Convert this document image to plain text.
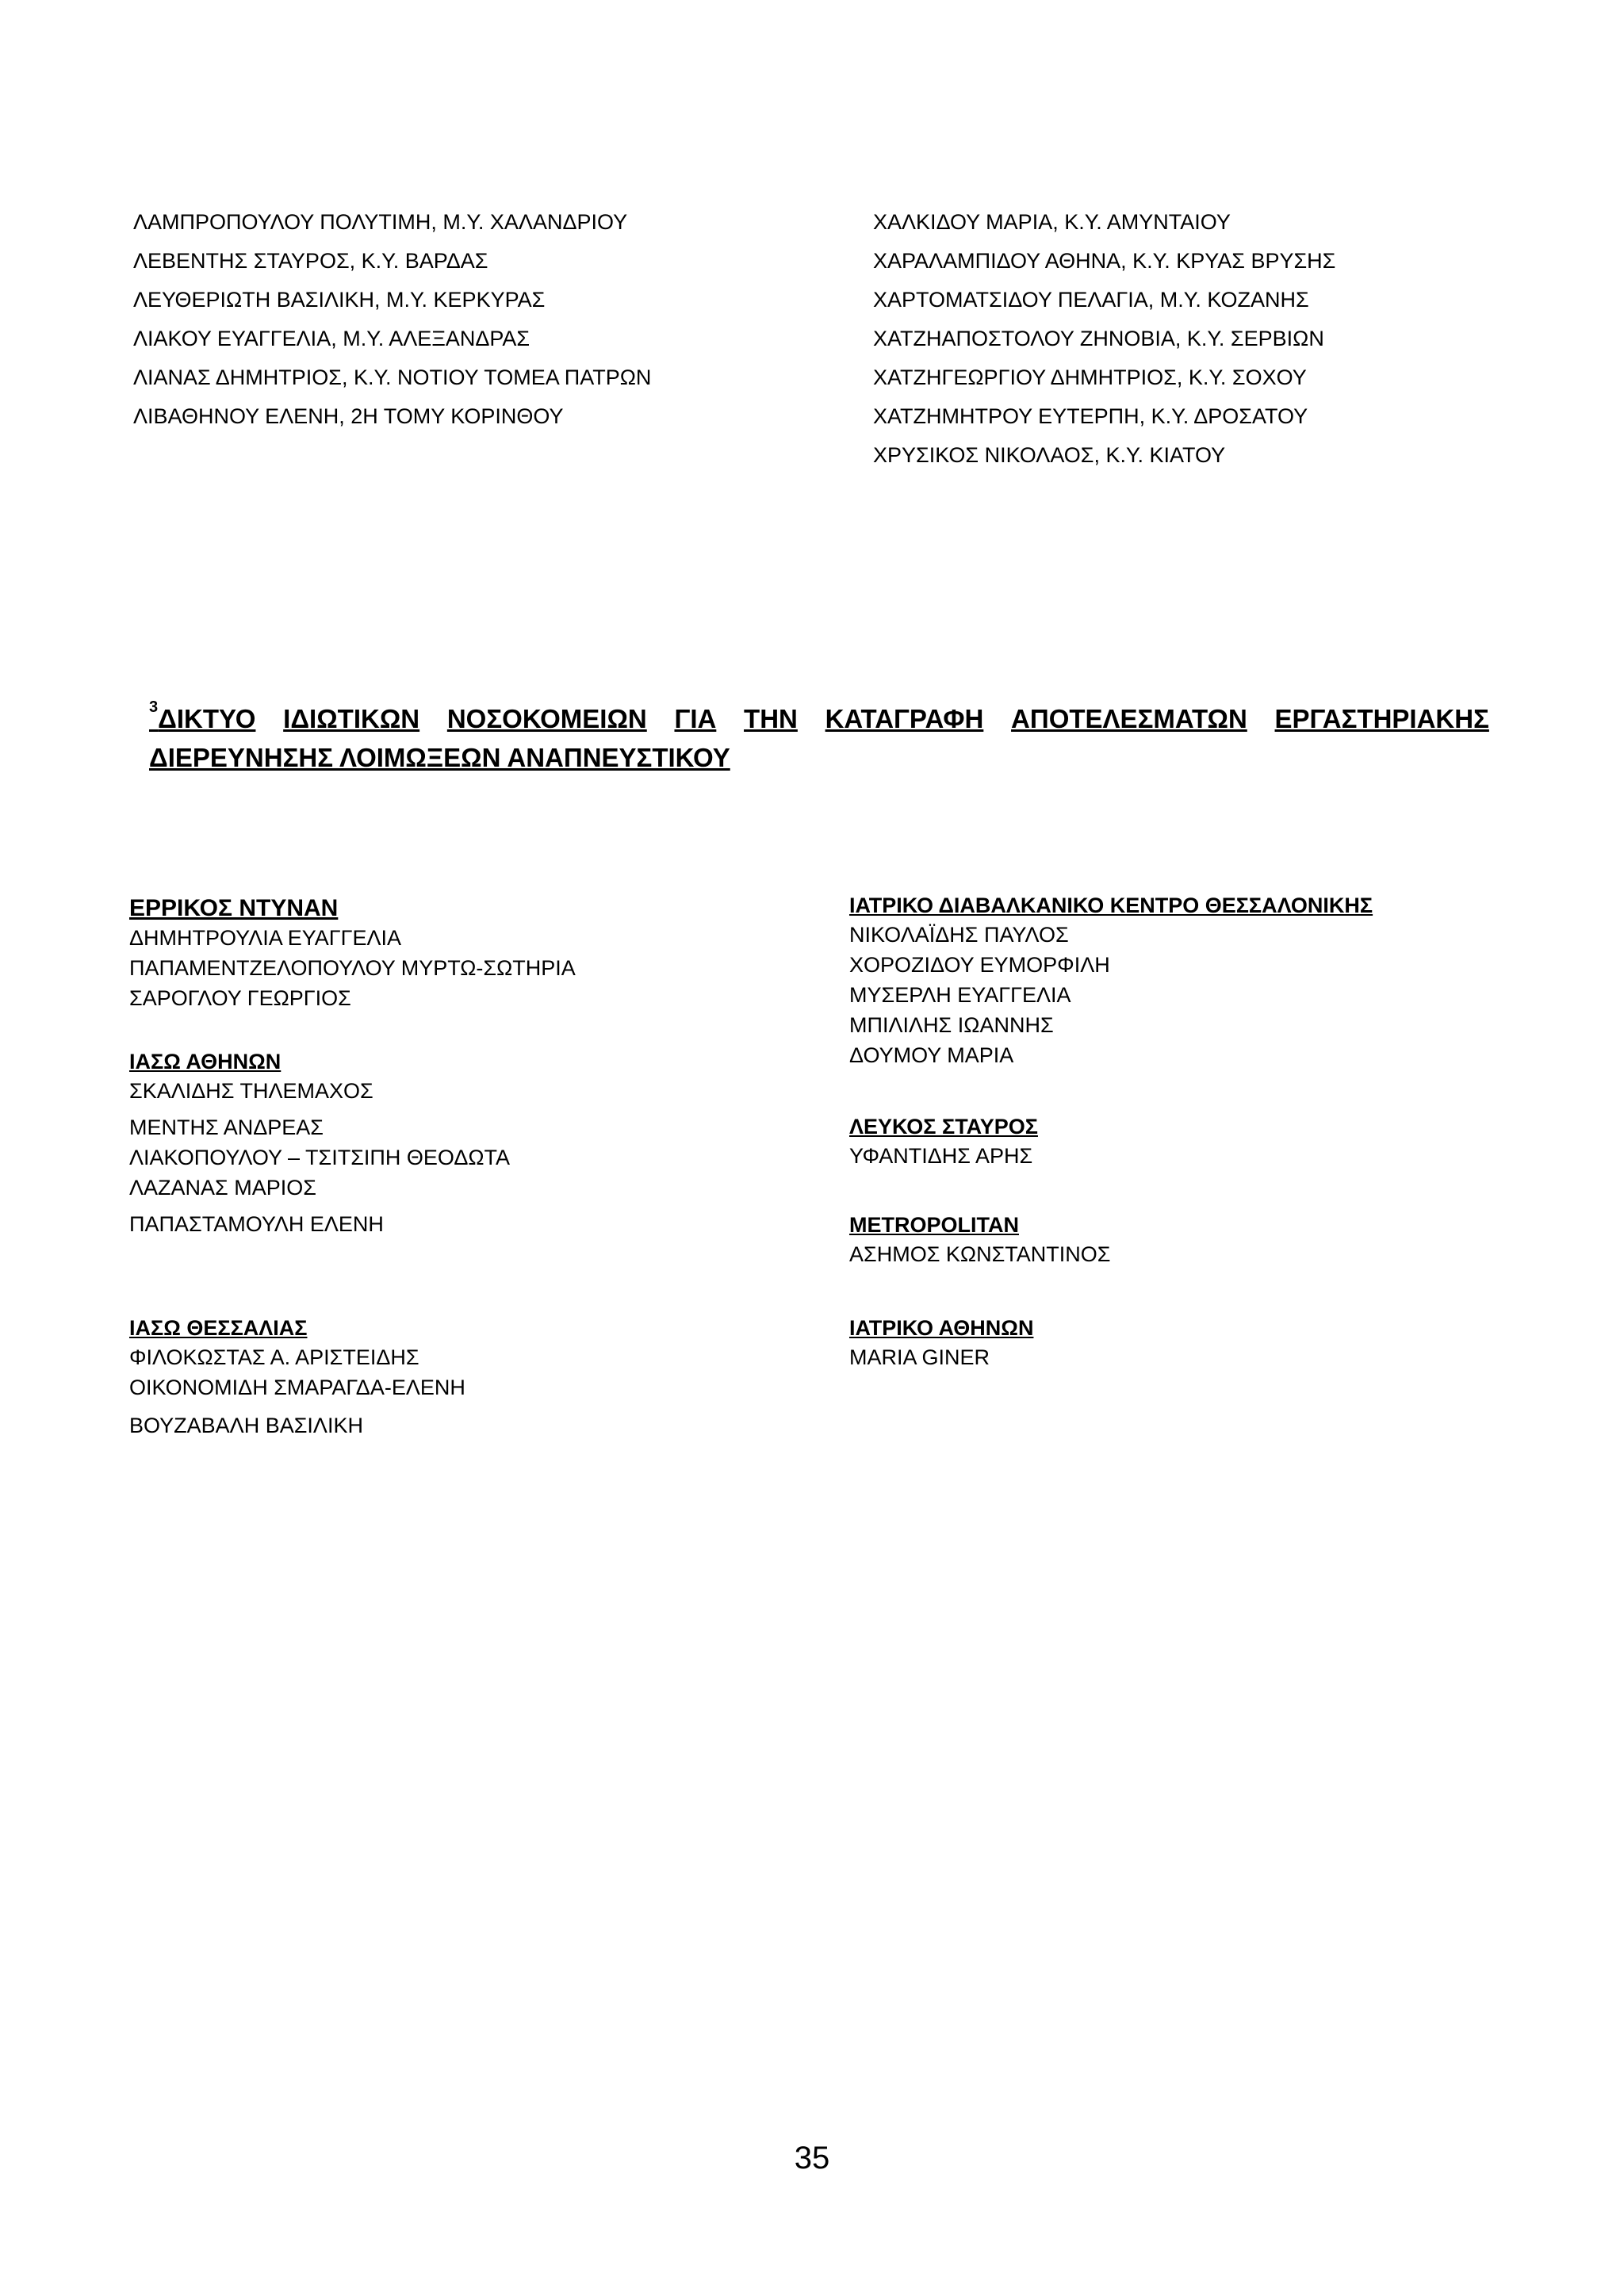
ΛΑΜΠΡΟΠΟΥΛΟΥ ΠΟΛΥΤΙΜΗ, Μ.Υ. ΧΑΛΑΝΔΡΙΟΥ
ΛΕΒΕΝΤΗΣ ΣΤΑΥΡΟΣ, Κ.Υ. ΒΑΡΔΑΣ
ΛΕΥΘΕΡΙΩΤΗ ΒΑΣΙΛΙΚΗ, Μ.Υ. ΚΕΡΚΥΡΑΣ
ΛΙΑΚΟΥ ΕΥΑΓΓΕΛΙΑ, Μ.Υ. ΑΛΕΞΑΝΔΡΑΣ
ΛΙΑΝΑΣ ΔΗΜΗΤΡΙΟΣ, Κ.Υ. ΝΟΤΙΟΥ ΤΟΜΕΑ ΠΑΤΡΩΝ
ΛΙΒΑΘΗΝΟΥ ΕΛΕΝΗ, 2Η ΤΟΜΥ ΚΟΡΙΝΘΟΥ
ΧΑΛΚΙΔΟΥ ΜΑΡΙΑ, Κ.Υ. ΑΜΥΝΤΑΙΟΥ
ΧΑΡΑΛΑΜΠΙΔΟΥ ΑΘΗΝΑ, Κ.Υ. ΚΡΥΑΣ ΒΡΥΣΗΣ
ΧΑΡΤΟΜΑΤΣΙΔΟΥ ΠΕΛΑΓΙΑ, Μ.Υ. ΚΟΖΑΝΗΣ
ΧΑΤΖΗΑΠΟΣΤΟΛΟΥ ΖΗΝΟΒΙΑ, Κ.Υ. ΣΕΡΒΙΩΝ
ΧΑΤΖΗΓΕΩΡΓΙΟΥ ΔΗΜΗΤΡΙΟΣ, Κ.Υ. ΣΟΧΟΥ
ΧΑΤΖΗΜΗΤΡΟΥ ΕΥΤΕΡΠΗ, Κ.Υ. ΔΡΟΣΑΤΟΥ
ΧΡΥΣΙΚΟΣ ΝΙΚΟΛΑΟΣ, Κ.Υ. ΚΙΑΤΟΥ
$^3$ΔΙΚΤΥΟ ΙΔΙΩΤΙΚΩΝ ΝΟΣΟΚΟΜΕΙΩΝ ΓΙΑ ΤΗΝ ΚΑΤΑΓΡΑΦΗ ΑΠΟΤΕΛΕΣΜΑΤΩΝ ΕΡΓΑΣΤΗΡΙΑΚΗΣ
ΔΙΕΡΕΥΝΗΣΗΣ ΛΟΙΜΩΞΕΩΝ ΑΝΑΠΝΕΥΣΤΙΚΟΥ
ΕΡΡΙΚΟΣ ΝΤΥΝΑΝ
ΔΗΜΗΤΡΟΥΛΙΑ ΕΥΑΓΓΕΛΙΑ
ΠΑΠΑΜΕΝΤΖΕΛΟΠΟΥΛΟΥ ΜΥΡΤΩ-ΣΩΤΗΡΙΑ
ΣΑΡΟΓΛΟΥ ΓΕΩΡΓΙΟΣ
ΙΑΣΩ ΑΘΗΝΩΝ
ΣΚΑΛΙΔΗΣ ΤΗΛΕΜΑΧΟΣ
ΜΕΝΤΗΣ ΑΝΔΡΕΑΣ
ΛΙΑΚΟΠΟΥΛΟΥ – ΤΣΙΤΣΙΠΗ ΘΕΟΔΩΤΑ
ΛΑΖΑΝΑΣ ΜΑΡΙΟΣ
ΠΑΠΑΣΤΑΜΟΥΛΗ ΕΛΕΝΗ
ΙΑΣΩ ΘΕΣΣΑΛΙΑΣ
ΦΙΛΟΚΩΣΤΑΣ Α. ΑΡΙΣΤΕΙΔΗΣ
ΟΙΚΟΝΟΜΙΔΗ ΣΜΑΡΑΓΔΑ-ΕΛΕΝΗ
ΒΟΥΖΑΒΑΛΗ ΒΑΣΙΛΙΚΗ
ΙΑΤΡΙΚΟ ΔΙΑΒΑΛΚΑΝΙΚΟ ΚΕΝΤΡΟ ΘΕΣΣΑΛΟΝΙΚΗΣ
ΝΙΚΟΛΑΪΔΗΣ ΠΑΥΛΟΣ
ΧΟΡΟΖΙΔΟΥ ΕΥΜΟΡΦΙΛΗ
ΜΥΣΕΡΛΗ ΕΥΑΓΓΕΛΙΑ
ΜΠΙΛΙΛΗΣ ΙΩΑΝΝΗΣ
ΔΟΥΜΟΥ ΜΑΡΙΑ
ΛΕΥΚΟΣ ΣΤΑΥΡΟΣ
ΥΦΑΝΤΙΔΗΣ ΑΡΗΣ
METROPOLITAN
ΑΣΗΜΟΣ ΚΩΝΣΤΑΝΤΙΝΟΣ
ΙΑΤΡΙΚΟ ΑΘΗΝΩΝ
MARIA GINER
35
